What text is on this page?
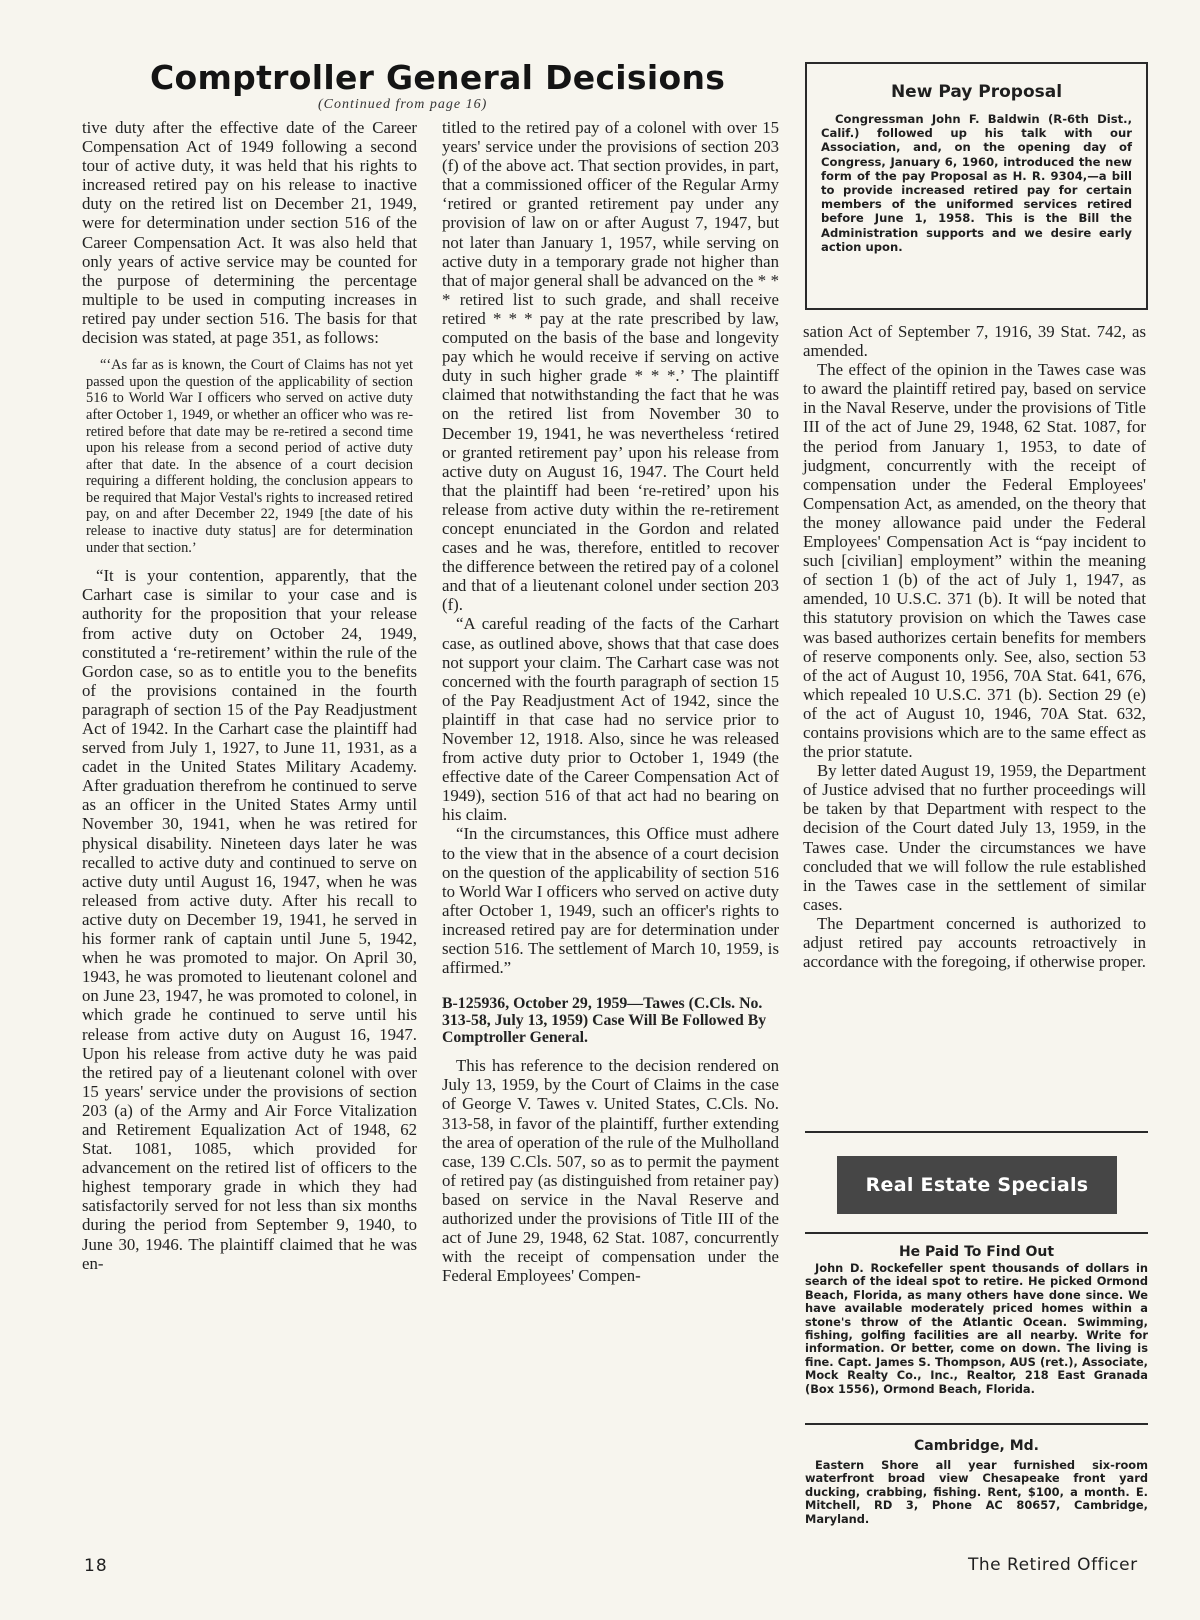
Comptroller General Decisions
(Continued from page 16)

tive duty after the effective date of the Career Compensation Act of 1949 following a second tour of active duty, it was held that his rights to increased retired pay on his release to inactive duty on the retired list on December 21, 1949, were for determination under section 516 of the Career Compensation Act. It was also held that only years of active service may be counted for the purpose of determining the percentage multiple to be used in computing increases in retired pay under section 516. The basis for that decision was stated, at page 351, as follows:

“‘As far as is known, the Court of Claims has not yet passed upon the question of the applicability of section 516 to World War I officers who served on active duty after October 1, 1949, or whether an officer who was re-retired before that date may be re-retired a second time upon his release from a second period of active duty after that date. In the absence of a court decision requiring a different holding, the conclusion appears to be required that Major Vestal's rights to increased retired pay, on and after December 22, 1949 [the date of his release to inactive duty status] are for determination under that section.’

“It is your contention, apparently, that the Carhart case is similar to your case and is authority for the proposition that your release from active duty on October 24, 1949, constituted a ‘re-retirement’ within the rule of the Gordon case, so as to entitle you to the benefits of the provisions contained in the fourth paragraph of section 15 of the Pay Readjustment Act of 1942. In the Carhart case the plaintiff had served from July 1, 1927, to June 11, 1931, as a cadet in the United States Military Academy. After graduation therefrom he continued to serve as an officer in the United States Army until November 30, 1941, when he was retired for physical disability. Nineteen days later he was recalled to active duty and continued to serve on active duty until August 16, 1947, when he was released from active duty. After his recall to active duty on December 19, 1941, he served in his former rank of captain until June 5, 1942, when he was promoted to major. On April 30, 1943, he was promoted to lieutenant colonel and on June 23, 1947, he was promoted to colonel, in which grade he continued to serve until his release from active duty on August 16, 1947. Upon his release from active duty he was paid the retired pay of a lieutenant colonel with over 15 years' service under the provisions of section 203 (a) of the Army and Air Force Vitalization and Retirement Equalization Act of 1948, 62 Stat. 1081, 1085, which provided for advancement on the retired list of officers to the highest temporary grade in which they had satisfactorily served for not less than six months during the period from September 9, 1940, to June 30, 1946. The plaintiff claimed that he was en-

titled to the retired pay of a colonel with over 15 years' service under the provisions of section 203 (f) of the above act. That section provides, in part, that a commissioned officer of the Regular Army ‘retired or granted retirement pay under any provision of law on or after August 7, 1947, but not later than January 1, 1957, while serving on active duty in a temporary grade not higher than that of major general shall be advanced on the * * * retired list to such grade, and shall receive retired * * * pay at the rate prescribed by law, computed on the basis of the base and longevity pay which he would receive if serving on active duty in such higher grade * * *.’ The plaintiff claimed that notwithstanding the fact that he was on the retired list from November 30 to December 19, 1941, he was nevertheless ‘retired or granted retirement pay’ upon his release from active duty on August 16, 1947. The Court held that the plaintiff had been ‘re-retired’ upon his release from active duty within the re-retirement concept enunciated in the Gordon and related cases and he was, therefore, entitled to recover the difference between the retired pay of a colonel and that of a lieutenant colonel under section 203 (f).

“A careful reading of the facts of the Carhart case, as outlined above, shows that that case does not support your claim. The Carhart case was not concerned with the fourth paragraph of section 15 of the Pay Readjustment Act of 1942, since the plaintiff in that case had no service prior to November 12, 1918. Also, since he was released from active duty prior to October 1, 1949 (the effective date of the Career Compensation Act of 1949), section 516 of that act had no bearing on his claim.

“In the circumstances, this Office must adhere to the view that in the absence of a court decision on the question of the applicability of section 516 to World War I officers who served on active duty after October 1, 1949, such an officer's rights to increased retired pay are for determination under section 516. The settlement of March 10, 1959, is affirmed.”

B-125936, October 29, 1959—Tawes (C.Cls. No. 313-58, July 13, 1959) Case Will Be Followed By Comptroller General.

This has reference to the decision rendered on July 13, 1959, by the Court of Claims in the case of George V. Tawes v. United States, C.Cls. No. 313-58, in favor of the plaintiff, further extending the area of operation of the rule of the Mulholland case, 139 C.Cls. 507, so as to permit the payment of retired pay (as distinguished from retainer pay) based on service in the Naval Reserve and authorized under the provisions of Title III of the act of June 29, 1948, 62 Stat. 1087, concurrently with the receipt of compensation under the Federal Employees' Compen-

New Pay Proposal
Congressman John F. Baldwin (R-6th Dist., Calif.) followed up his talk with our Association, and, on the opening day of Congress, January 6, 1960, introduced the new form of the pay Proposal as H. R. 9304,—a bill to provide increased retired pay for certain members of the uniformed services retired before June 1, 1958. This is the Bill the Administration supports and we desire early action upon.

sation Act of September 7, 1916, 39 Stat. 742, as amended.

The effect of the opinion in the Tawes case was to award the plaintiff retired pay, based on service in the Naval Reserve, under the provisions of Title III of the act of June 29, 1948, 62 Stat. 1087, for the period from January 1, 1953, to date of judgment, concurrently with the receipt of compensation under the Federal Employees' Compensation Act, as amended, on the theory that the money allowance paid under the Federal Employees' Compensation Act is “pay incident to such [civilian] employment” within the meaning of section 1 (b) of the act of July 1, 1947, as amended, 10 U.S.C. 371 (b). It will be noted that this statutory provision on which the Tawes case was based authorizes certain benefits for members of reserve components only. See, also, section 53 of the act of August 10, 1956, 70A Stat. 641, 676, which repealed 10 U.S.C. 371 (b). Section 29 (e) of the act of August 10, 1946, 70A Stat. 632, contains provisions which are to the same effect as the prior statute.

By letter dated August 19, 1959, the Department of Justice advised that no further proceedings will be taken by that Department with respect to the decision of the Court dated July 13, 1959, in the Tawes case. Under the circumstances we have concluded that we will follow the rule established in the Tawes case in the settlement of similar cases.

The Department concerned is authorized to adjust retired pay accounts retroactively in accordance with the foregoing, if otherwise proper.

Real Estate Specials
He Paid To Find Out

John D. Rockefeller spent thousands of dollars in search of the ideal spot to retire. He picked Ormond Beach, Florida, as many others have done since. We have available moderately priced homes within a stone's throw of the Atlantic Ocean. Swimming, fishing, golfing facilities are all nearby. Write for information. Or better, come on down. The living is fine. Capt. James S. Thompson, AUS (ret.), Associate, Mock Realty Co., Inc., Realtor, 218 East Granada (Box 1556), Ormond Beach, Florida.

Cambridge, Md.

Eastern Shore all year furnished six-room waterfront broad view Chesapeake front yard ducking, crabbing, fishing. Rent, $100, a month. E. Mitchell, RD 3, Phone AC 80657, Cambridge, Maryland.

18	The Retired Officer
